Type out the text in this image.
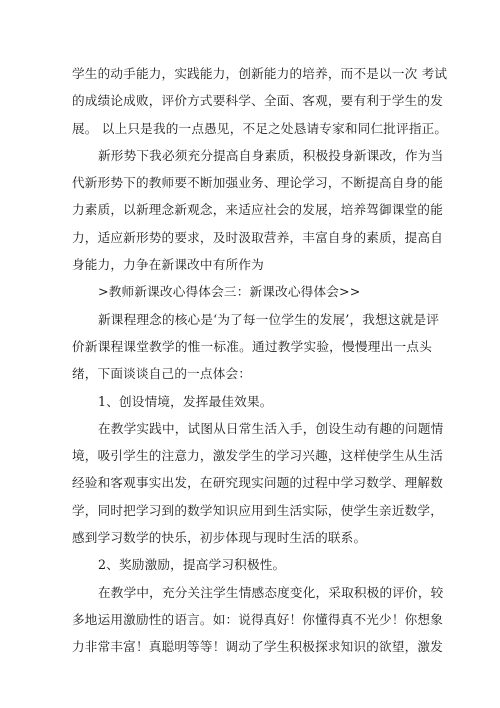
学生的动手能力，实践能力，创新能力的培养，而不是以一次 考试
的成绩论成败，评价方式要科学、全面、客观，要有利于学生的发
展。 以上只是我的一点愚见，不足之处恳请专家和同仁批评指正。
新形势下我必须充分提高自身素质，积极投身新课改，作为当
代新形势下的教师要不断加强业务、理论学习，不断提高自身的能
力素质，以新理念新观念，来适应社会的发展，培养驾御课堂的能
力，适应新形势的要求，及时汲取营养，丰富自身的素质，提高自
身能力，力争在新课改中有所作为
>教师新课改心得体会三：新课改心得体会>>
新课程理念的核心是‘为了每一位学生的发展’，我想这就是评
价新课程课堂教学的惟一标准。通过教学实验，慢慢理出一点头
绪，下面谈谈自己的一点体会：
1、创设情境，发挥最佳效果。
在教学实践中，试图从日常生活入手，创设生动有趣的问题情
境，吸引学生的注意力，激发学生的学习兴趣，这样使学生从生活
经验和客观事实出发，在研究现实问题的过程中学习数学、理解数
学，同时把学习到的数学知识应用到生活实际，使学生亲近数学，
感到学习数学的快乐，初步体现与现时生活的联系。
2、奖励激励，提高学习积极性。
在教学中，充分关注学生情感态度变化，采取积极的评价，较
多地运用激励性的语言。如：说得真好！你懂得真不光少！你想象
力非常丰富！真聪明等等！调动了学生积极探求知识的欲望，激发
